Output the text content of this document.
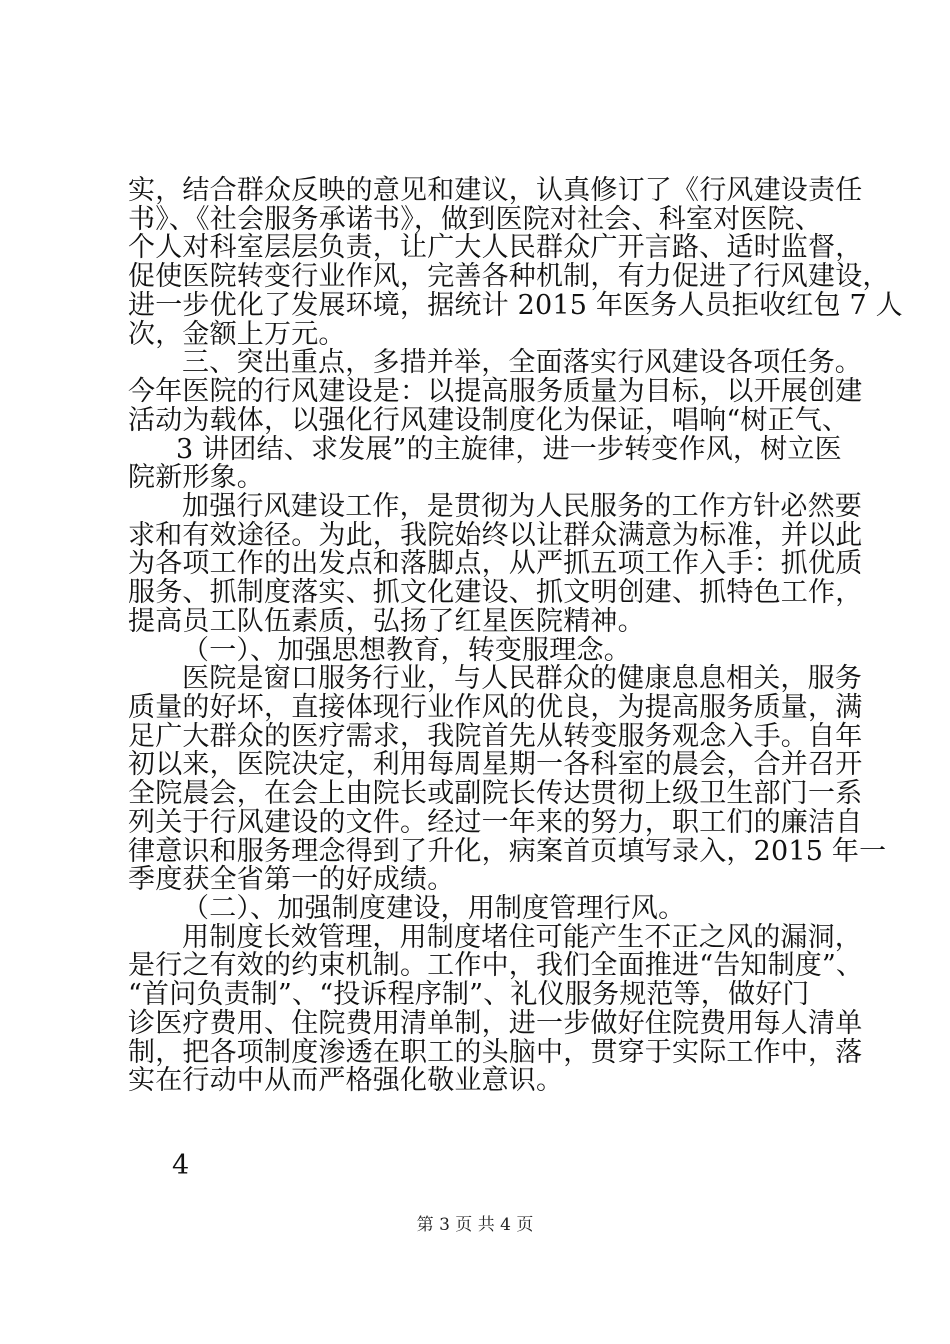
实，结合群众反映的意见和建议，认真修订了《行风建设责任
书》、《社会服务承诺书》，做到医院对社会、科室对医院、
个人对科室层层负责，让广大人民群众广开言路、适时监督，
促使医院转变行业作风，完善各种机制，有力促进了行风建设，
进一步优化了发展环境，据统计 2015 年医务人员拒收红包 7 人
次，金额上万元。
三、突出重点，多措并举，全面落实行风建设各项任务。
今年医院的行风建设是：以提高服务质量为目标，以开展创建
活动为载体，以强化行风建设制度化为保证，唱响“树正气、
3 讲团结、求发展”的主旋律，进一步转变作风，树立医
院新形象。
加强行风建设工作，是贯彻为人民服务的工作方针必然要
求和有效途径。为此，我院始终以让群众满意为标准，并以此
为各项工作的出发点和落脚点，从严抓五项工作入手：抓优质
服务、抓制度落实、抓文化建设、抓文明创建、抓特色工作，
提高员工队伍素质，弘扬了红星医院精神。
（一）、加强思想教育，转变服理念。
医院是窗口服务行业，与人民群众的健康息息相关，服务
质量的好坏，直接体现行业作风的优良，为提高服务质量，满
足广大群众的医疗需求，我院首先从转变服务观念入手。自年
初以来，医院决定，利用每周星期一各科室的晨会，合并召开
全院晨会，在会上由院长或副院长传达贯彻上级卫生部门一系
列关于行风建设的文件。经过一年来的努力，职工们的廉洁自
律意识和服务理念得到了升化，病案首页填写录入，2015 年一
季度获全省第一的好成绩。
（二）、加强制度建设，用制度管理行风。
用制度长效管理，用制度堵住可能产生不正之风的漏洞，
是行之有效的约束机制。工作中，我们全面推进“告知制度”、
“首问负责制”、“投诉程序制”、礼仪服务规范等，做好门
诊医疗费用、住院费用清单制，进一步做好住院费用每人清单
制，把各项制度渗透在职工的头脑中，贯穿于实际工作中，落
实在行动中从而严格强化敬业意识。
4
第 3 页 共 4 页
